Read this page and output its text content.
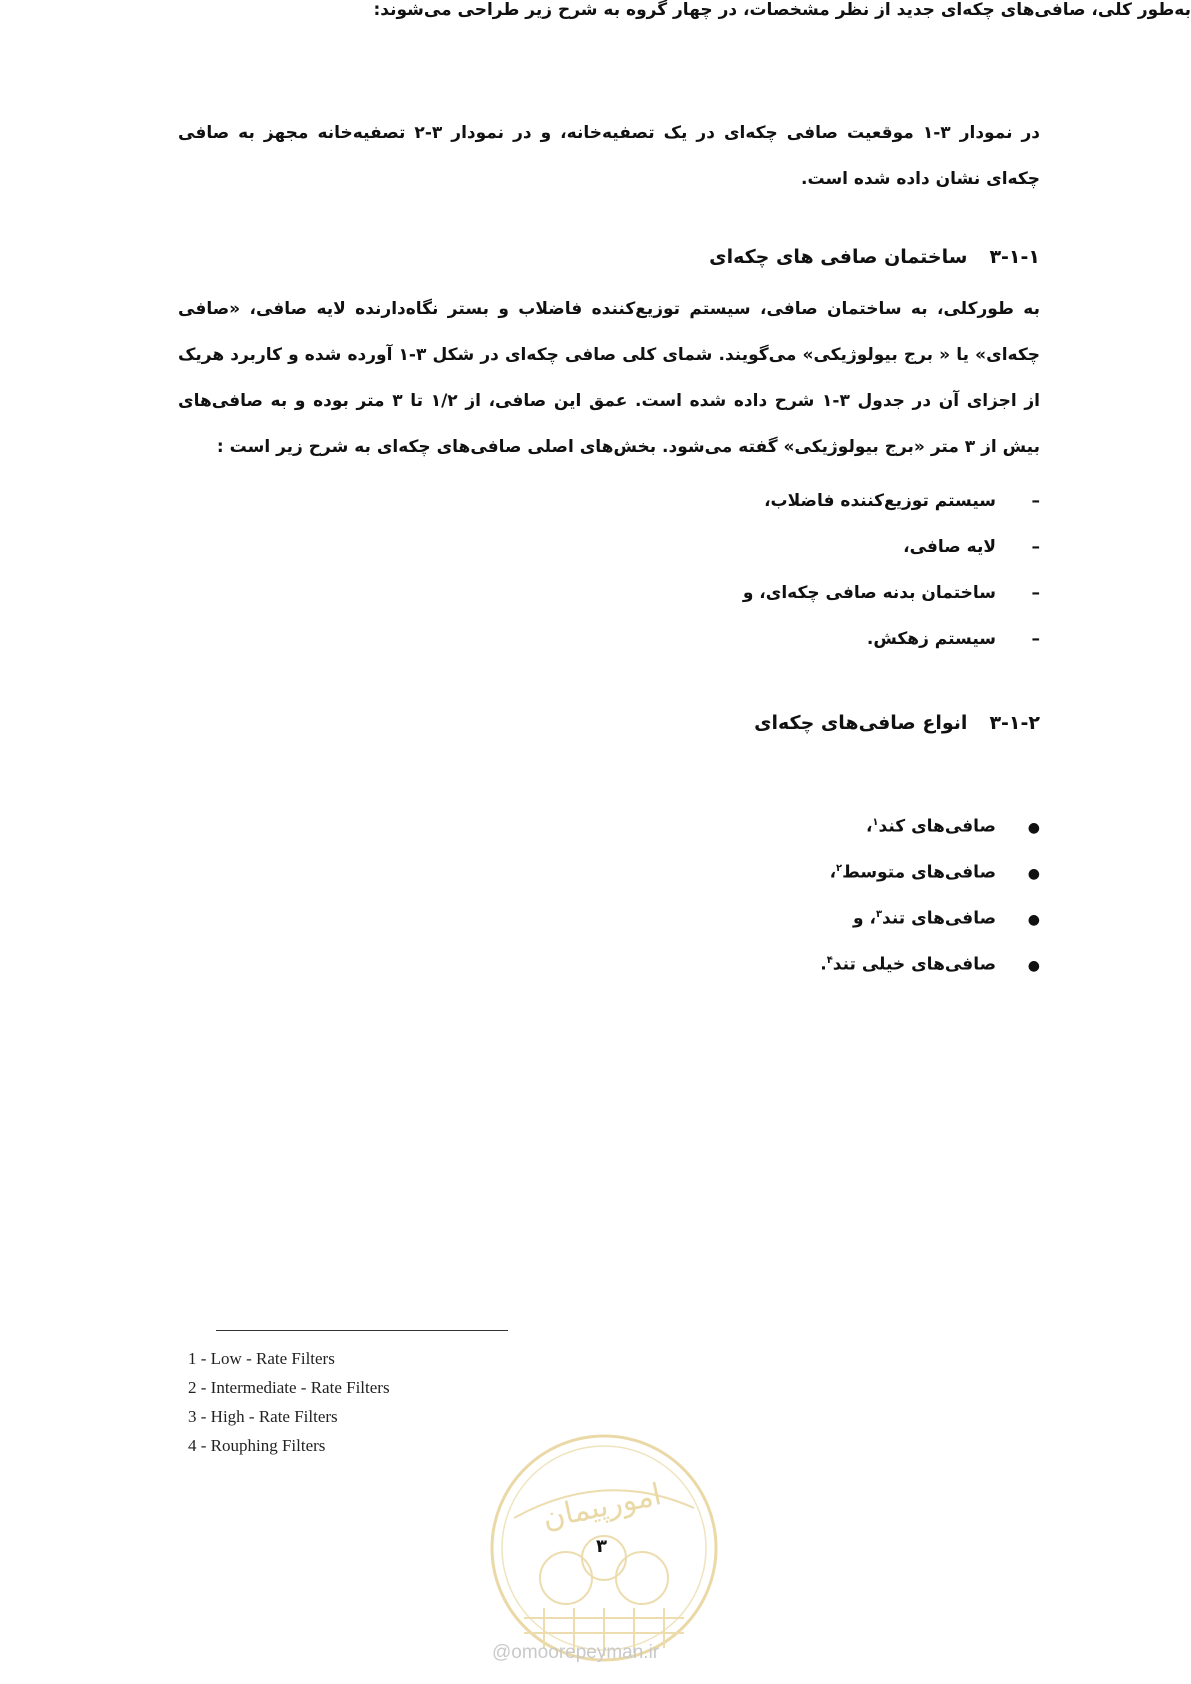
در نمودار ۳-۱ موقعیت صافی چکه‌ای در یک تصفیه‌خانه، و در نمودار ۳-۲ تصفیه‌خانه مجهز به صافی چکه‌ای نشان داده شده است.
۳-۱-۱ساختمان صافی های چکه‌ای
به طورکلی، به ساختمان صافی، سیستم توزیع‌کننده فاضلاب و بستر نگاه‌دارنده لایه صافی، «صافی چکه‌ای» یا « برج بیولوژیکی» می‌گویند. شمای کلی صافی چکه‌ای در شکل ۳-۱ آورده شده و کاربرد هریک از اجزای آن در جدول ۳-۱ شرح داده شده است. عمق این صافی، از ۱/۲ تا ۳ متر بوده و به صافی‌های بیش از ۳ متر «برج بیولوژیکی» گفته می‌شود. بخش‌های اصلی صافی‌های چکه‌ای به شرح زیر است :
–سیستم توزیع‌کننده فاضلاب،
–لایه صافی،
–ساختمان بدنه صافی چکه‌ای، و
–سیستم زهکش.
۳-۱-۲انواع صافی‌های چکه‌ای
به‌طور کلی، صافی‌های چکه‌ای جدید از نظر مشخصات، در چهار گروه به شرح زیر طراحی می‌شوند:
●صافی‌های کند$^۱$،
●صافی‌های متوسط$^۲$،
●صافی‌های تند$^۳$، و
●صافی‌های خیلی تند$^۴$.
1 - Low - Rate Filters
2 - Intermediate - Rate Filters
3 - High - Rate Filters
4 - Rouphing Filters
امورپیمان
۳
@omoorepeyman.ir
